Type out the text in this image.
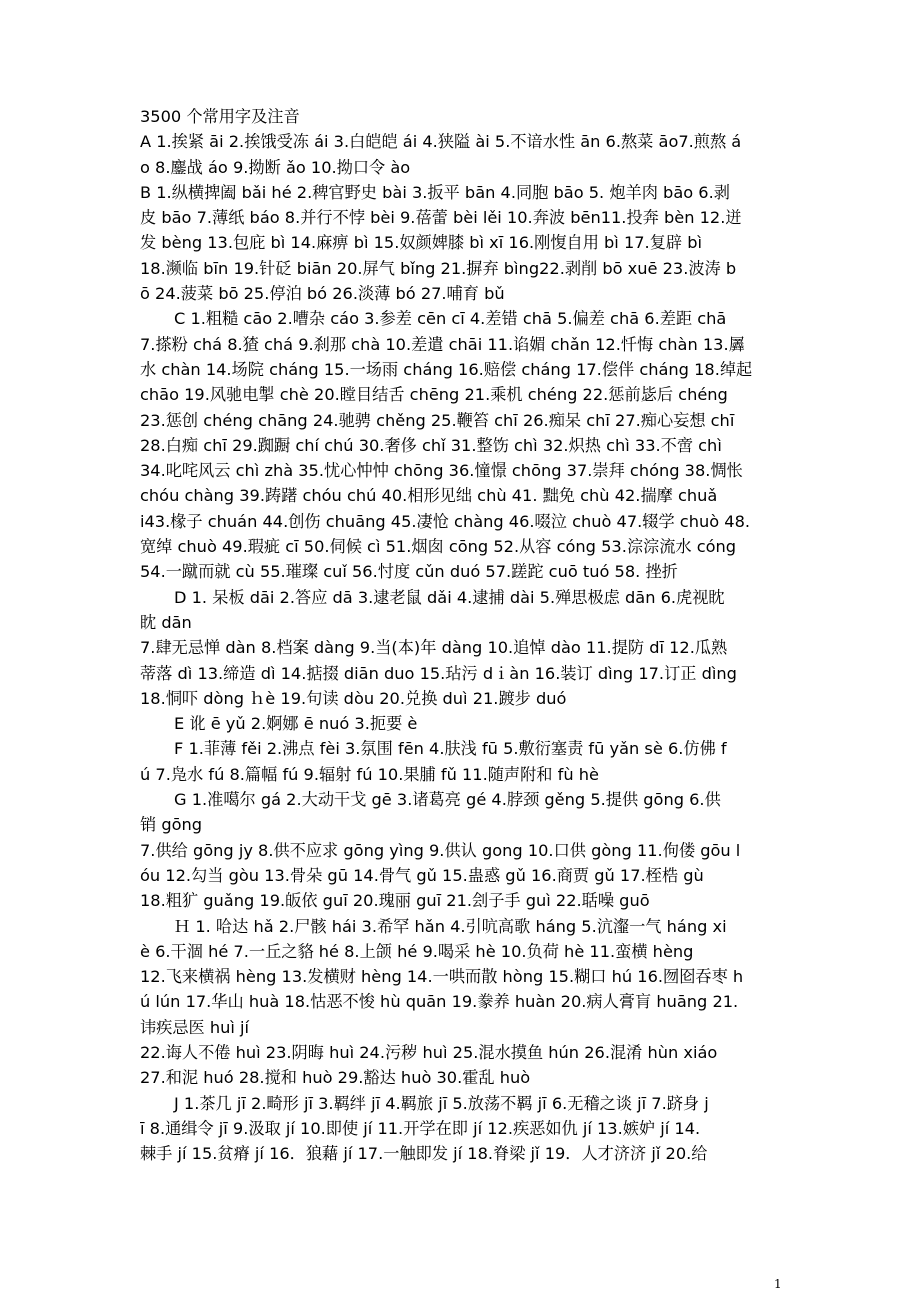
3500 个常用字及注音
A 1.挨紧 āi 2.挨饿受冻 ái 3.白皑皑 ái 4.狭隘 ài 5.不谙水性 ān 6.熬菜 āo7.煎熬 á
o 8.鏖战 áo 9.拗断 ǎo 10.拗口令 ào
B 1.纵横捭阖 bǎi hé 2.稗官野史 bài 3.扳平 bān 4.同胞 bāo 5. 炮羊肉 bāo 6.剥
皮 bāo 7.薄纸 báo 8.并行不悖 bèi 9.蓓蕾 bèi lěi 10.奔波 bēn11.投奔 bèn 12.迸
发 bèng 13.包庇 bì 14.麻痹 bì 15.奴颜婢膝 bì xī 16.刚愎自用 bì 17.复辟 bì
18.濒临 bīn 19.针砭 biān 20.屏气 bǐng 21.摒弃 bìng22.剥削 bō xuē 23.波涛 b
ō 24.菠菜 bō 25.停泊 bó 26.淡薄 bó 27.哺育 bǔ
C 1.粗糙 cāo 2.嘈杂 cáo 3.参差 cēn cī 4.差错 chā 5.偏差 chā 6.差距 chā
7.搽粉 chá 8.猹 chá 9.刹那 chà 10.差遣 chāi 11.谄媚 chǎn 12.忏悔 chàn 13.羼
水 chàn 14.场院 cháng 15.一场雨 cháng 16.赔偿 cháng 17.偿伴 cháng 18.绰起
chāo 19.风驰电掣 chè 20.瞠目结舌 chēng 21.乘机 chéng 22.惩前毖后 chéng
23.惩创 chéng chāng 24.驰骋 chěng 25.鞭笞 chī 26.痴呆 chī 27.痴心妄想 chī
28.白痴 chī 29.踟蹰 chí chú 30.奢侈 chǐ 31.整饬 chì 32.炽热 chì 33.不啻 chì
34.叱咤风云 chì zhà 35.忧心忡忡 chōng 36.憧憬 chōng 37.崇拜 chóng 38.惆怅
chóu chàng 39.踌躇 chóu chú 40.相形见绌 chù 41. 黜免 chù 42.揣摩 chuǎ
i43.椽子 chuán 44.创伤 chuāng 45.凄怆 chàng 46.啜泣 chuò 47.辍学 chuò 48.
宽绰 chuò 49.瑕疵 cī 50.伺候 cì 51.烟囱 cōng 52.从容 cóng 53.淙淙流水 cóng
54.一蹴而就 cù 55.璀璨 cuǐ 56.忖度 cǔn duó 57.蹉跎 cuō tuó 58. 挫折
D 1. 呆板 dāi 2.答应 dā 3.逮老鼠 dǎi 4.逮捕 dài 5.殚思极虑 dān 6.虎视眈
眈 dān
7.肆无忌惮 dàn 8.档案 dàng 9.当(本)年 dàng 10.追悼 dào 11.提防 dī 12.瓜熟
蒂落 dì 13.缔造 dì 14.掂掇 diān duo 15.玷污 dｉàn 16.装订 dìng 17.订正 dìng
18.恫吓 dòng ｈè 19.句读 dòu 20.兑换 duì 21.踱步 duó
E 讹 ē yǔ 2.婀娜 ē nuó 3.扼要 è
F 1.菲薄 fěi 2.沸点 fèi 3.氛围 fēn 4.肤浅 fū 5.敷衍塞责 fū yǎn sè 6.仿佛 f
ú 7.凫水 fú 8.篇幅 fú 9.辐射 fú 10.果脯 fǔ 11.随声附和 fù hè
G 1.准噶尔 gá 2.大动干戈 gē 3.诸葛亮 gé 4.脖颈 gěng 5.提供 gōng 6.供
销 gōng
7.供给 gōng jy 8.供不应求 gōng yìng 9.供认 gong 10.口供 gòng 11.佝偻 gōu l
óu 12.勾当 gòu 13.骨朵 gū 14.骨气 gǔ 15.蛊惑 gǔ 16.商贾 gǔ 17.桎梏 gù
18.粗犷 guǎng 19.皈依 guī 20.瑰丽 guī 21.刽子手 guì 22.聒噪 guō
Ｈ 1. 哈达 hǎ 2.尸骸 hái 3.希罕 hǎn 4.引吭高歌 háng 5.沆瀣一气 háng xi
è 6.干涸 hé 7.一丘之貉 hé 8.上颌 hé 9.喝采 hè 10.负荷 hè 11.蛮横 hèng
12.飞来横祸 hèng 13.发横财 hèng 14.一哄而散 hòng 15.糊口 hú 16.囫囵吞枣 h
ú lún 17.华山 huà 18.怙恶不悛 hù quān 19.豢养 huàn 20.病人膏肓 huāng 21.
讳疾忌医 huì jí
22.诲人不倦 huì 23.阴晦 huì 24.污秽 huì 25.混水摸鱼 hún 26.混淆 hùn xiáo
27.和泥 huó 28.搅和 huò 29.豁达 huò 30.霍乱 huò
J 1.茶几 jī 2.畸形 jī 3.羁绊 jī 4.羁旅 jī 5.放荡不羁 jī 6.无稽之谈 jī 7.跻身 j
ī 8.通缉令 jī 9.汲取 jí 10.即使 jí 11.开学在即 jí 12.疾恶如仇 jí 13.嫉妒 jí 14.
棘手 jí 15.贫瘠 jí 16．狼藉 jí 17.一触即发 jí 18.脊梁 jǐ 19．人才济济 jǐ 20.给
1
